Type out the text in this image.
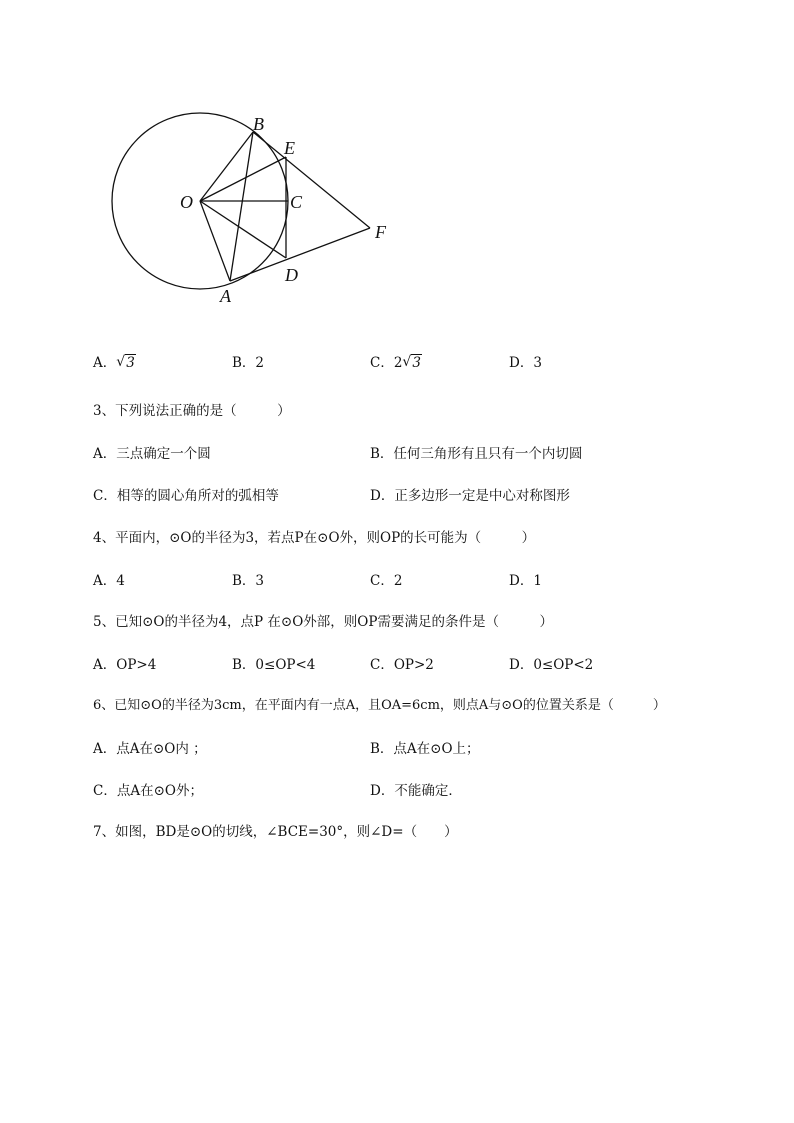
B
E
O	C
F
D
A
A． √ 3	B．2	C．2 √ 3	D．3
3、下列说法正确的是（　　　）
A．三点确定一个圆	B．任何三角形有且只有一个内切圆
C．相等的圆心角所对的弧相等	D．正多边形一定是中心对称图形
4、平面内，⊙O的半径为3，若点P在⊙O外，则OP的长可能为（　　　）
A．4	B．3	C．2	D．1
5、已知⊙O的半径为4，点P 在⊙O外部，则OP需要满足的条件是（　　　）
A．OP>4	B．0≤OP<4	C．OP>2	D．0≤OP<2
6、已知⊙O的半径为3cm，在平面内有一点A，且OA=6cm，则点A与⊙O的位置关系是（　　　）
A．点A在⊙O内 ；	B．点A在⊙O上；
C．点A在⊙O外；	D．不能确定．
7、如图，BD是⊙O的切线，∠BCE=30°，则∠D=（　　）
